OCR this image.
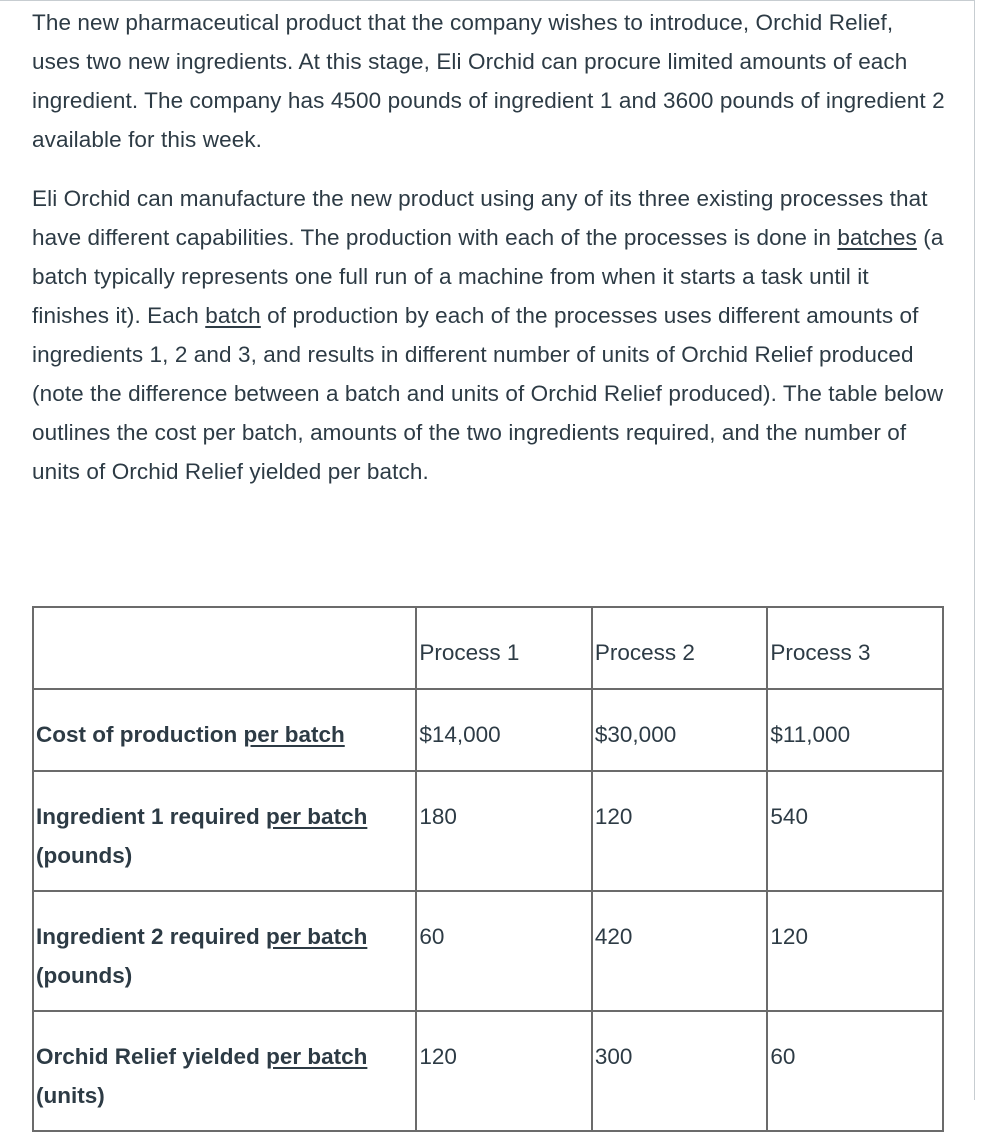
The new pharmaceutical product that the company wishes to introduce, Orchid Relief, uses two new ingredients. At this stage, Eli Orchid can procure limited amounts of each ingredient. The company has 4500 pounds of ingredient 1 and 3600 pounds of ingredient 2 available for this week.

Eli Orchid can manufacture the new product using any of its three existing processes that have different capabilities. The production with each of the processes is done in batches (a batch typically represents one full run of a machine from when it starts a task until it finishes it). Each batch of production by each of the processes uses different amounts of ingredients 1, 2 and 3, and results in different number of units of Orchid Relief produced (note the difference between a batch and units of Orchid Relief produced). The table below outlines the cost per batch, amounts of the two ingredients required, and the number of units of Orchid Relief yielded per batch.

	Process 1	Process 2	Process 3
Cost of production per batch	$14,000	$30,000	$11,000
Ingredient 1 required per batch (pounds)	180	120	540
Ingredient 2 required per batch (pounds)	60	420	120
Orchid Relief yielded per batch (units)	120	300	60
